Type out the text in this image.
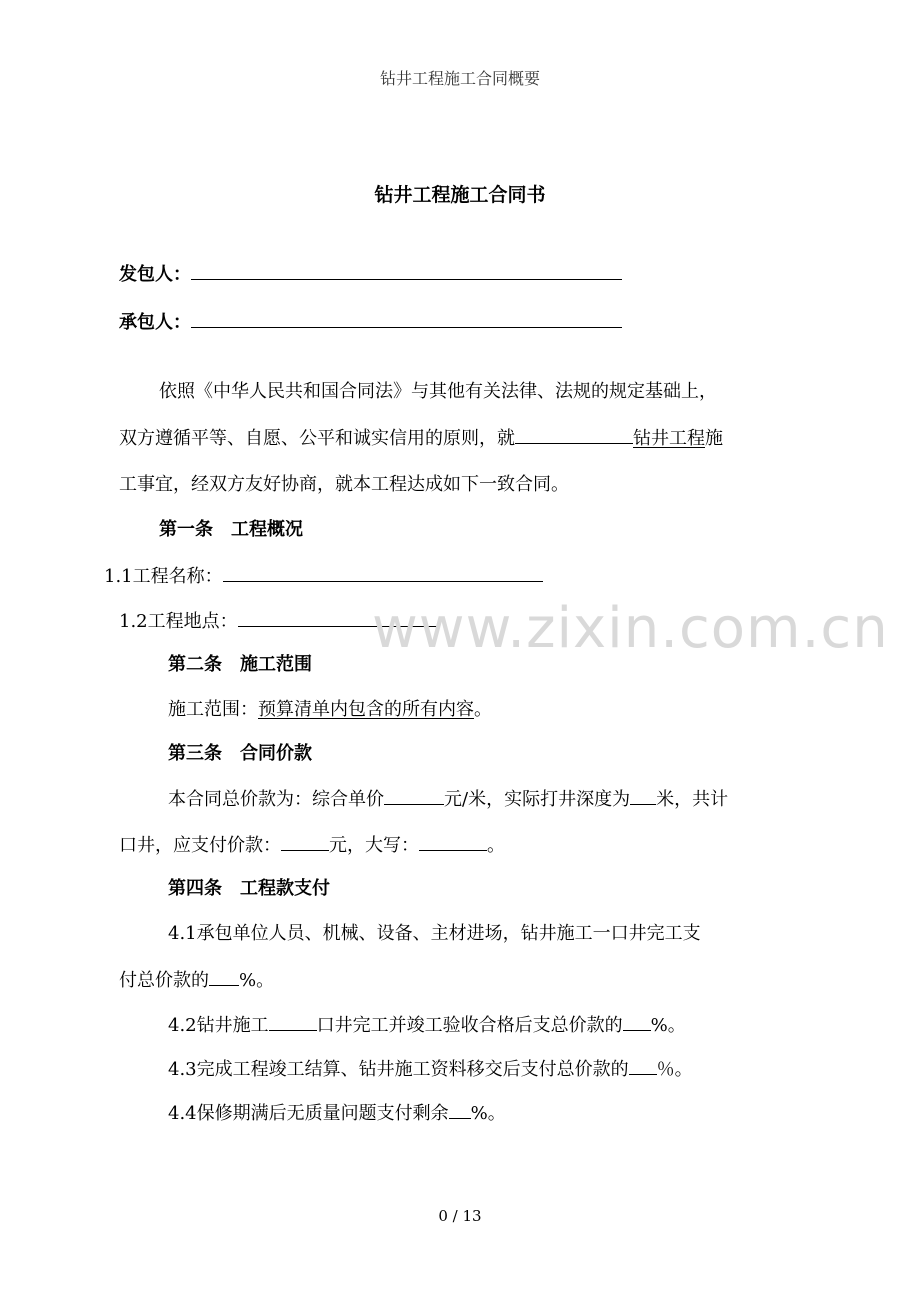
钻井工程施工合同概要
钻井工程施工合同书
发包人：
承包人：
依照《中华人民共和国合同法》与其他有关法律、法规的规定基础上，
双方遵循平等、自愿、公平和诚实信用的原则，就	钻井工程施
工事宜，经双方友好协商，就本工程达成如下一致合同。
第一条　工程概况
1.1工程名称：
1.2工程地点：	www.zixin.com.cn
第二条　施工范围
施工范围：预算清单内包含的所有内容。
第三条　合同价款
本合同总价款为：综合单价	元/米，实际打井深度为 米，共计
口井，应支付价款：	元，大写：	。
第四条　工程款支付
4.1承包单位人员、机械、设备、主材进场，钻井施工一口井完工支
付总价款的 %。
4.2钻井施工	口井完工并竣工验收合格后支总价款的 %。
4.3完成工程竣工结算、钻井施工资料移交后支付总价款的 ％。
4.4保修期满后无质量问题支付剩余 %。
0 / 13
